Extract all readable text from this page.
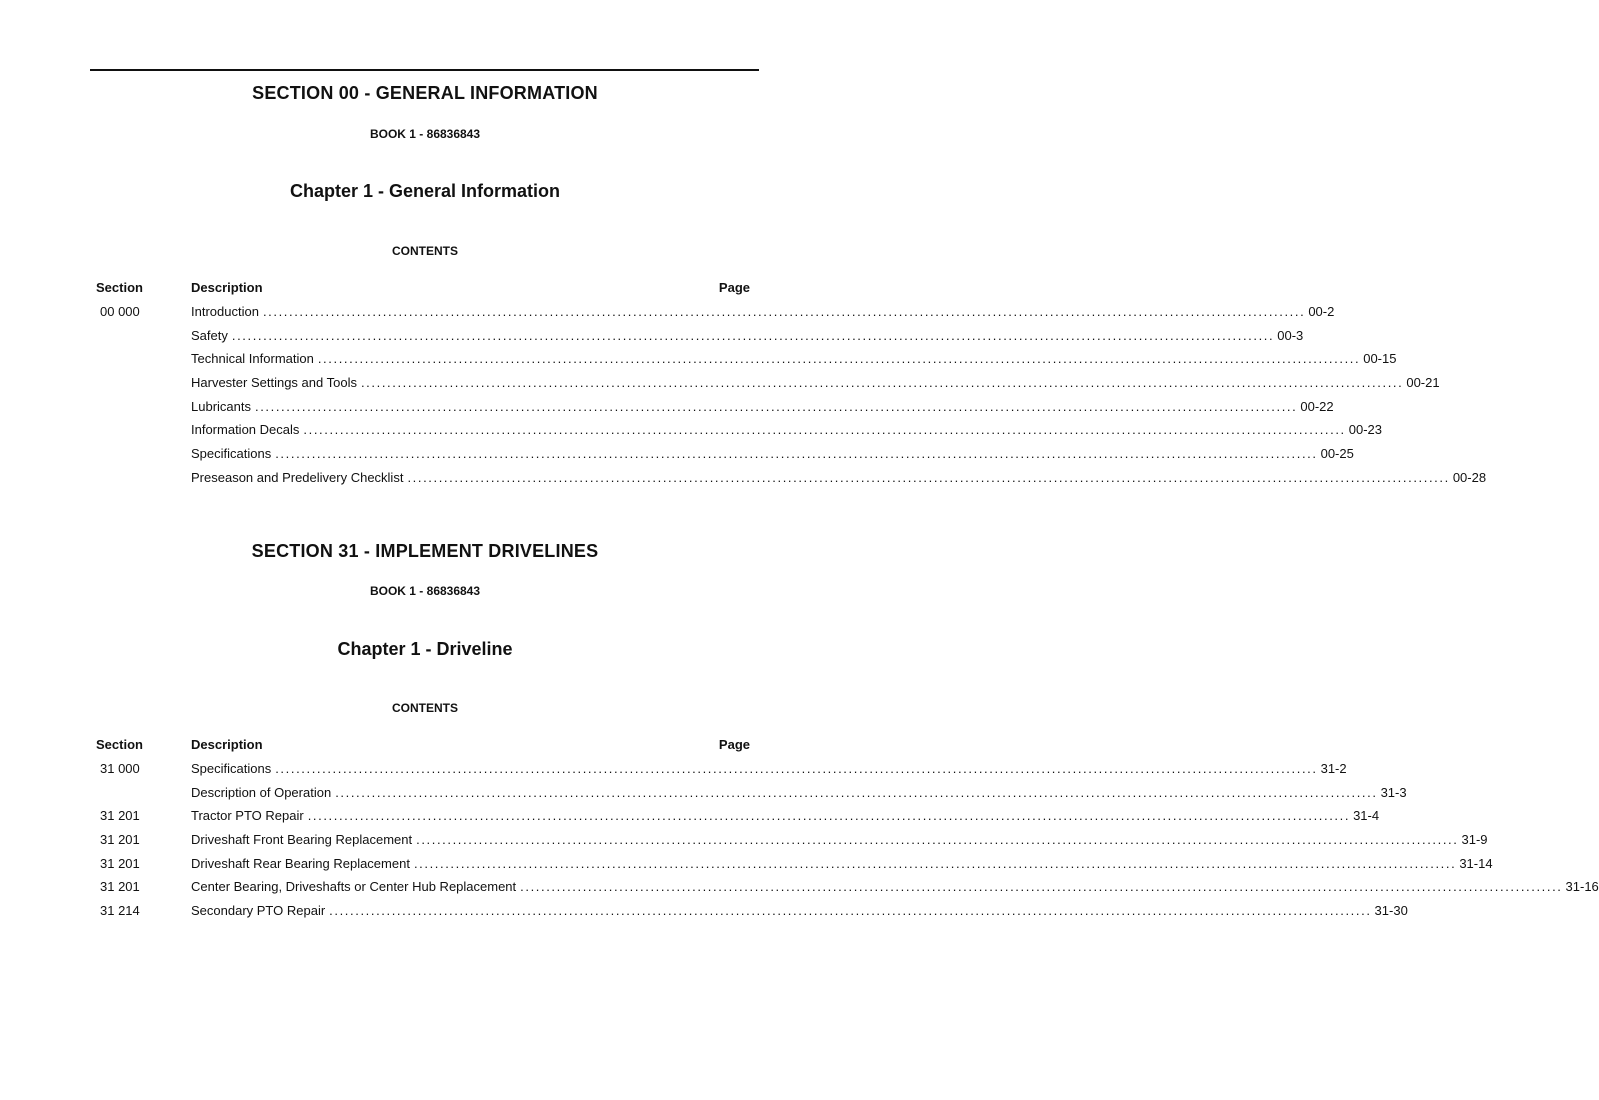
SECTION 00 - GENERAL INFORMATION
BOOK 1 - 86836843
Chapter 1 - General Information
CONTENTS
Section	Description	Page
00 000	Introduction ........................................................................................................................................................................................................ 00-2
Safety ........................................................................................................................................................................................................ 00-3
Technical Information ........................................................................................................................................................................................................ 00-15
Harvester Settings and Tools ........................................................................................................................................................................................................ 00-21
Lubricants ........................................................................................................................................................................................................ 00-22
Information Decals ........................................................................................................................................................................................................ 00-23
Specifications ........................................................................................................................................................................................................ 00-25
Preseason and Predelivery Checklist ........................................................................................................................................................................................................ 00-28
SECTION 31 - IMPLEMENT DRIVELINES
BOOK 1 - 86836843
Chapter 1 - Driveline
CONTENTS
Section	Description	Page
31 000	Specifications ........................................................................................................................................................................................................ 31-2
Description of Operation ........................................................................................................................................................................................................ 31-3
31 201	Tractor PTO Repair ........................................................................................................................................................................................................ 31-4
31 201	Driveshaft Front Bearing Replacement ........................................................................................................................................................................................................ 31-9
31 201	Driveshaft Rear Bearing Replacement ........................................................................................................................................................................................................ 31-14
31 201	Center Bearing, Driveshafts or Center Hub Replacement ........................................................................................................................................................................................................ 31-16
31 214	Secondary PTO Repair ........................................................................................................................................................................................................ 31-30
